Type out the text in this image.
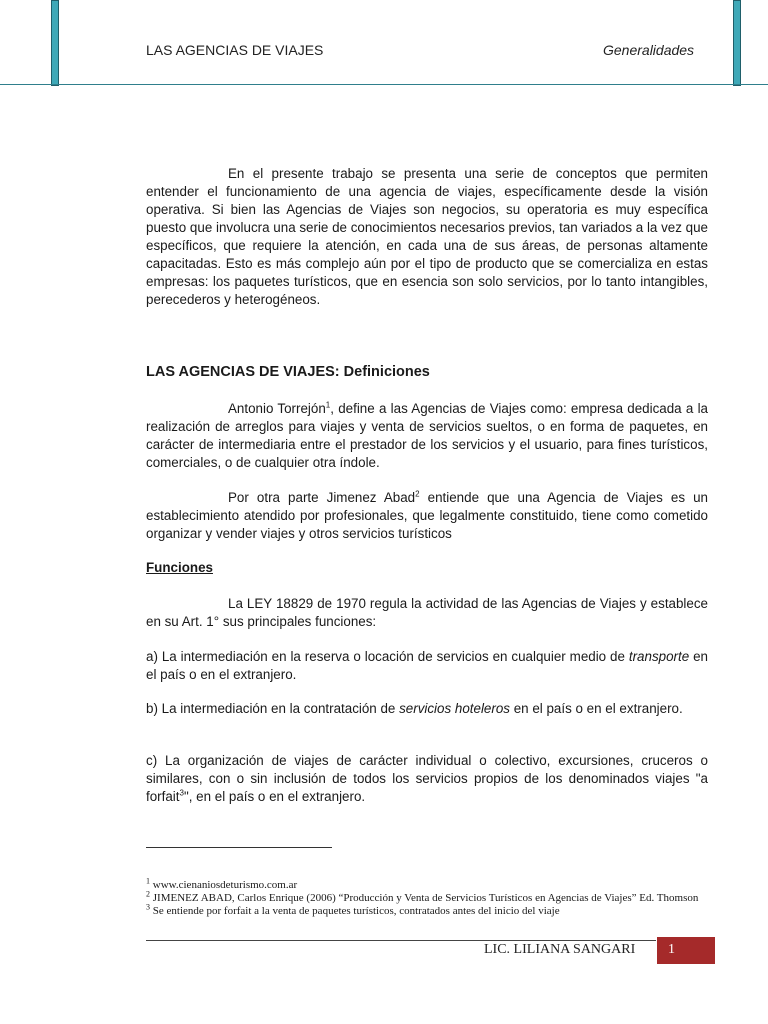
LAS AGENCIAS DE VIAJES	Generalidades

En el presente trabajo se presenta una serie de conceptos que permiten entender el funcionamiento de una agencia de viajes, específicamente desde la visión operativa. Si bien las Agencias de Viajes son negocios, su operatoria es muy específica puesto que involucra una serie de conocimientos necesarios previos, tan variados a la vez que específicos, que requiere la atención, en cada una de sus áreas, de personas altamente capacitadas. Esto es más complejo aún por el tipo de producto que se comercializa en estas empresas: los paquetes turísticos, que en esencia son solo servicios, por lo tanto intangibles, perecederos y heterogéneos.

LAS AGENCIAS DE VIAJES: Definiciones

Antonio Torrejón$^1$, define a las Agencias de Viajes como: empresa dedicada a la realización de arreglos para viajes y venta de servicios sueltos, o en forma de paquetes, en carácter de intermediaria entre el prestador de los servicios y el usuario, para fines turísticos, comerciales, o de cualquier otra índole.

Por otra parte Jimenez Abad$^2$ entiende que una Agencia de Viajes es un establecimiento atendido por profesionales, que legalmente constituido, tiene como cometido organizar y vender viajes y otros servicios turísticos

Funciones

La LEY 18829 de 1970 regula la actividad de las Agencias de Viajes y establece en su Art. 1° sus principales funciones:

a) La intermediación en la reserva o locación de servicios en cualquier medio de transporte en el país o en el extranjero.

b) La intermediación en la contratación de servicios hoteleros en el país o en el extranjero.

c) La organización de viajes de carácter individual o colectivo, excursiones, cruceros o similares, con o sin inclusión de todos los servicios propios de los denominados viajes "a forfait$^3$", en el país o en el extranjero.

$^1$ www.cienaniosdeturismo.com.ar
$^2$ JIMENEZ ABAD, Carlos Enrique (2006) “Producción y Venta de Servicios Turísticos en Agencias de Viajes” Ed. Thomson
$^3$ Se entiende por forfait a la venta de paquetes turísticos, contratados antes del inicio del viaje
LIC. LILIANA SANGARI	1
